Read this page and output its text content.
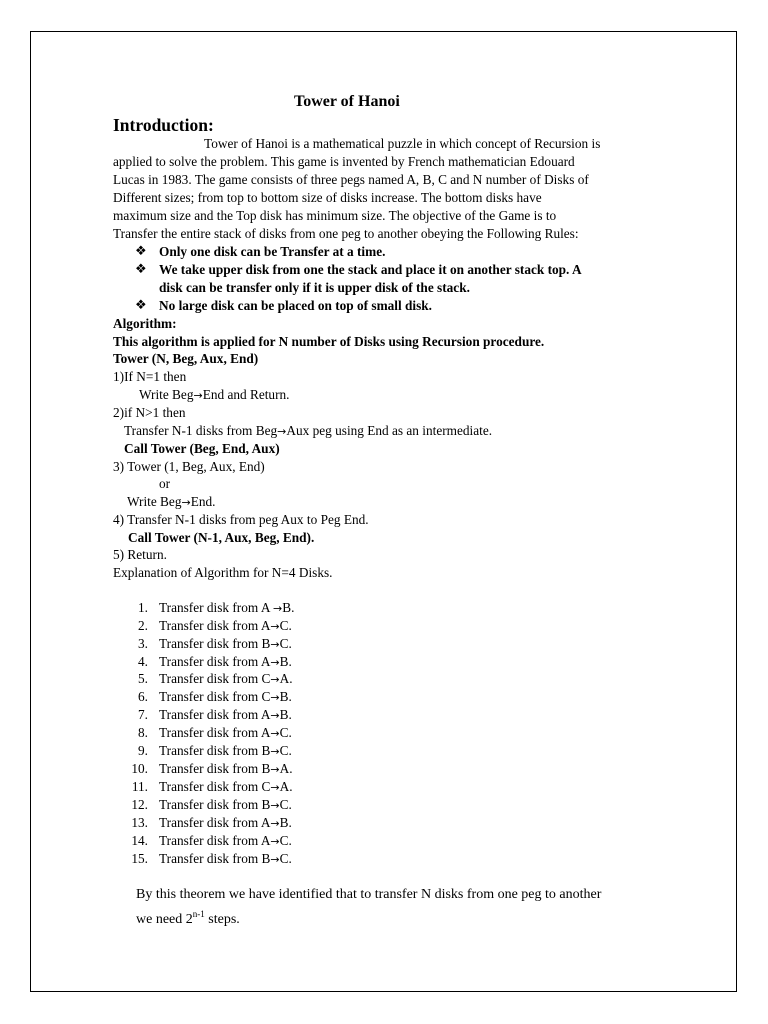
Tower of Hanoi
Introduction:
Tower of Hanoi is a mathematical puzzle in which concept of Recursion is
applied to solve the problem. This game is invented by French mathematician Edouard
Lucas in 1983. The game consists of three pegs named A, B, C and N number of Disks of
Different sizes; from top to bottom size of disks increase. The bottom disks have
maximum size and the Top disk has minimum size. The objective of the Game is to
Transfer the entire stack of disks from one peg to another obeying the Following Rules:
❖ Only one disk can be Transfer at a time.
❖ We take upper disk from one the stack and place it on another stack top. A
disk can be transfer only if it is upper disk of the stack.
❖ No large disk can be placed on top of small disk.
Algorithm:
This algorithm is applied for N number of Disks using Recursion procedure.
Tower (N, Beg, Aux, End)
1)If N=1 then
Write Beg→End and Return.
2)if N>1 then
Transfer N-1 disks from Beg→Aux peg using End as an intermediate.
Call Tower (Beg, End, Aux)
3) Tower (1, Beg, Aux, End)
or
Write Beg→End.
4) Transfer N-1 disks from peg Aux to Peg End.
Call Tower (N-1, Aux, Beg, End).
5) Return.
Explanation of Algorithm for N=4 Disks.
1. Transfer disk from A →B.
2. Transfer disk from A→C.
3. Transfer disk from B→C.
4. Transfer disk from A→B.
5. Transfer disk from C→A.
6. Transfer disk from C→B.
7. Transfer disk from A→B.
8. Transfer disk from A→C.
9. Transfer disk from B→C.
10. Transfer disk from B→A.
11. Transfer disk from C→A.
12. Transfer disk from B→C.
13. Transfer disk from A→B.
14. Transfer disk from A→C.
15. Transfer disk from B→C.
By this theorem we have identified that to transfer N disks from one peg to another
we need 2$^{n-1}$ steps.
